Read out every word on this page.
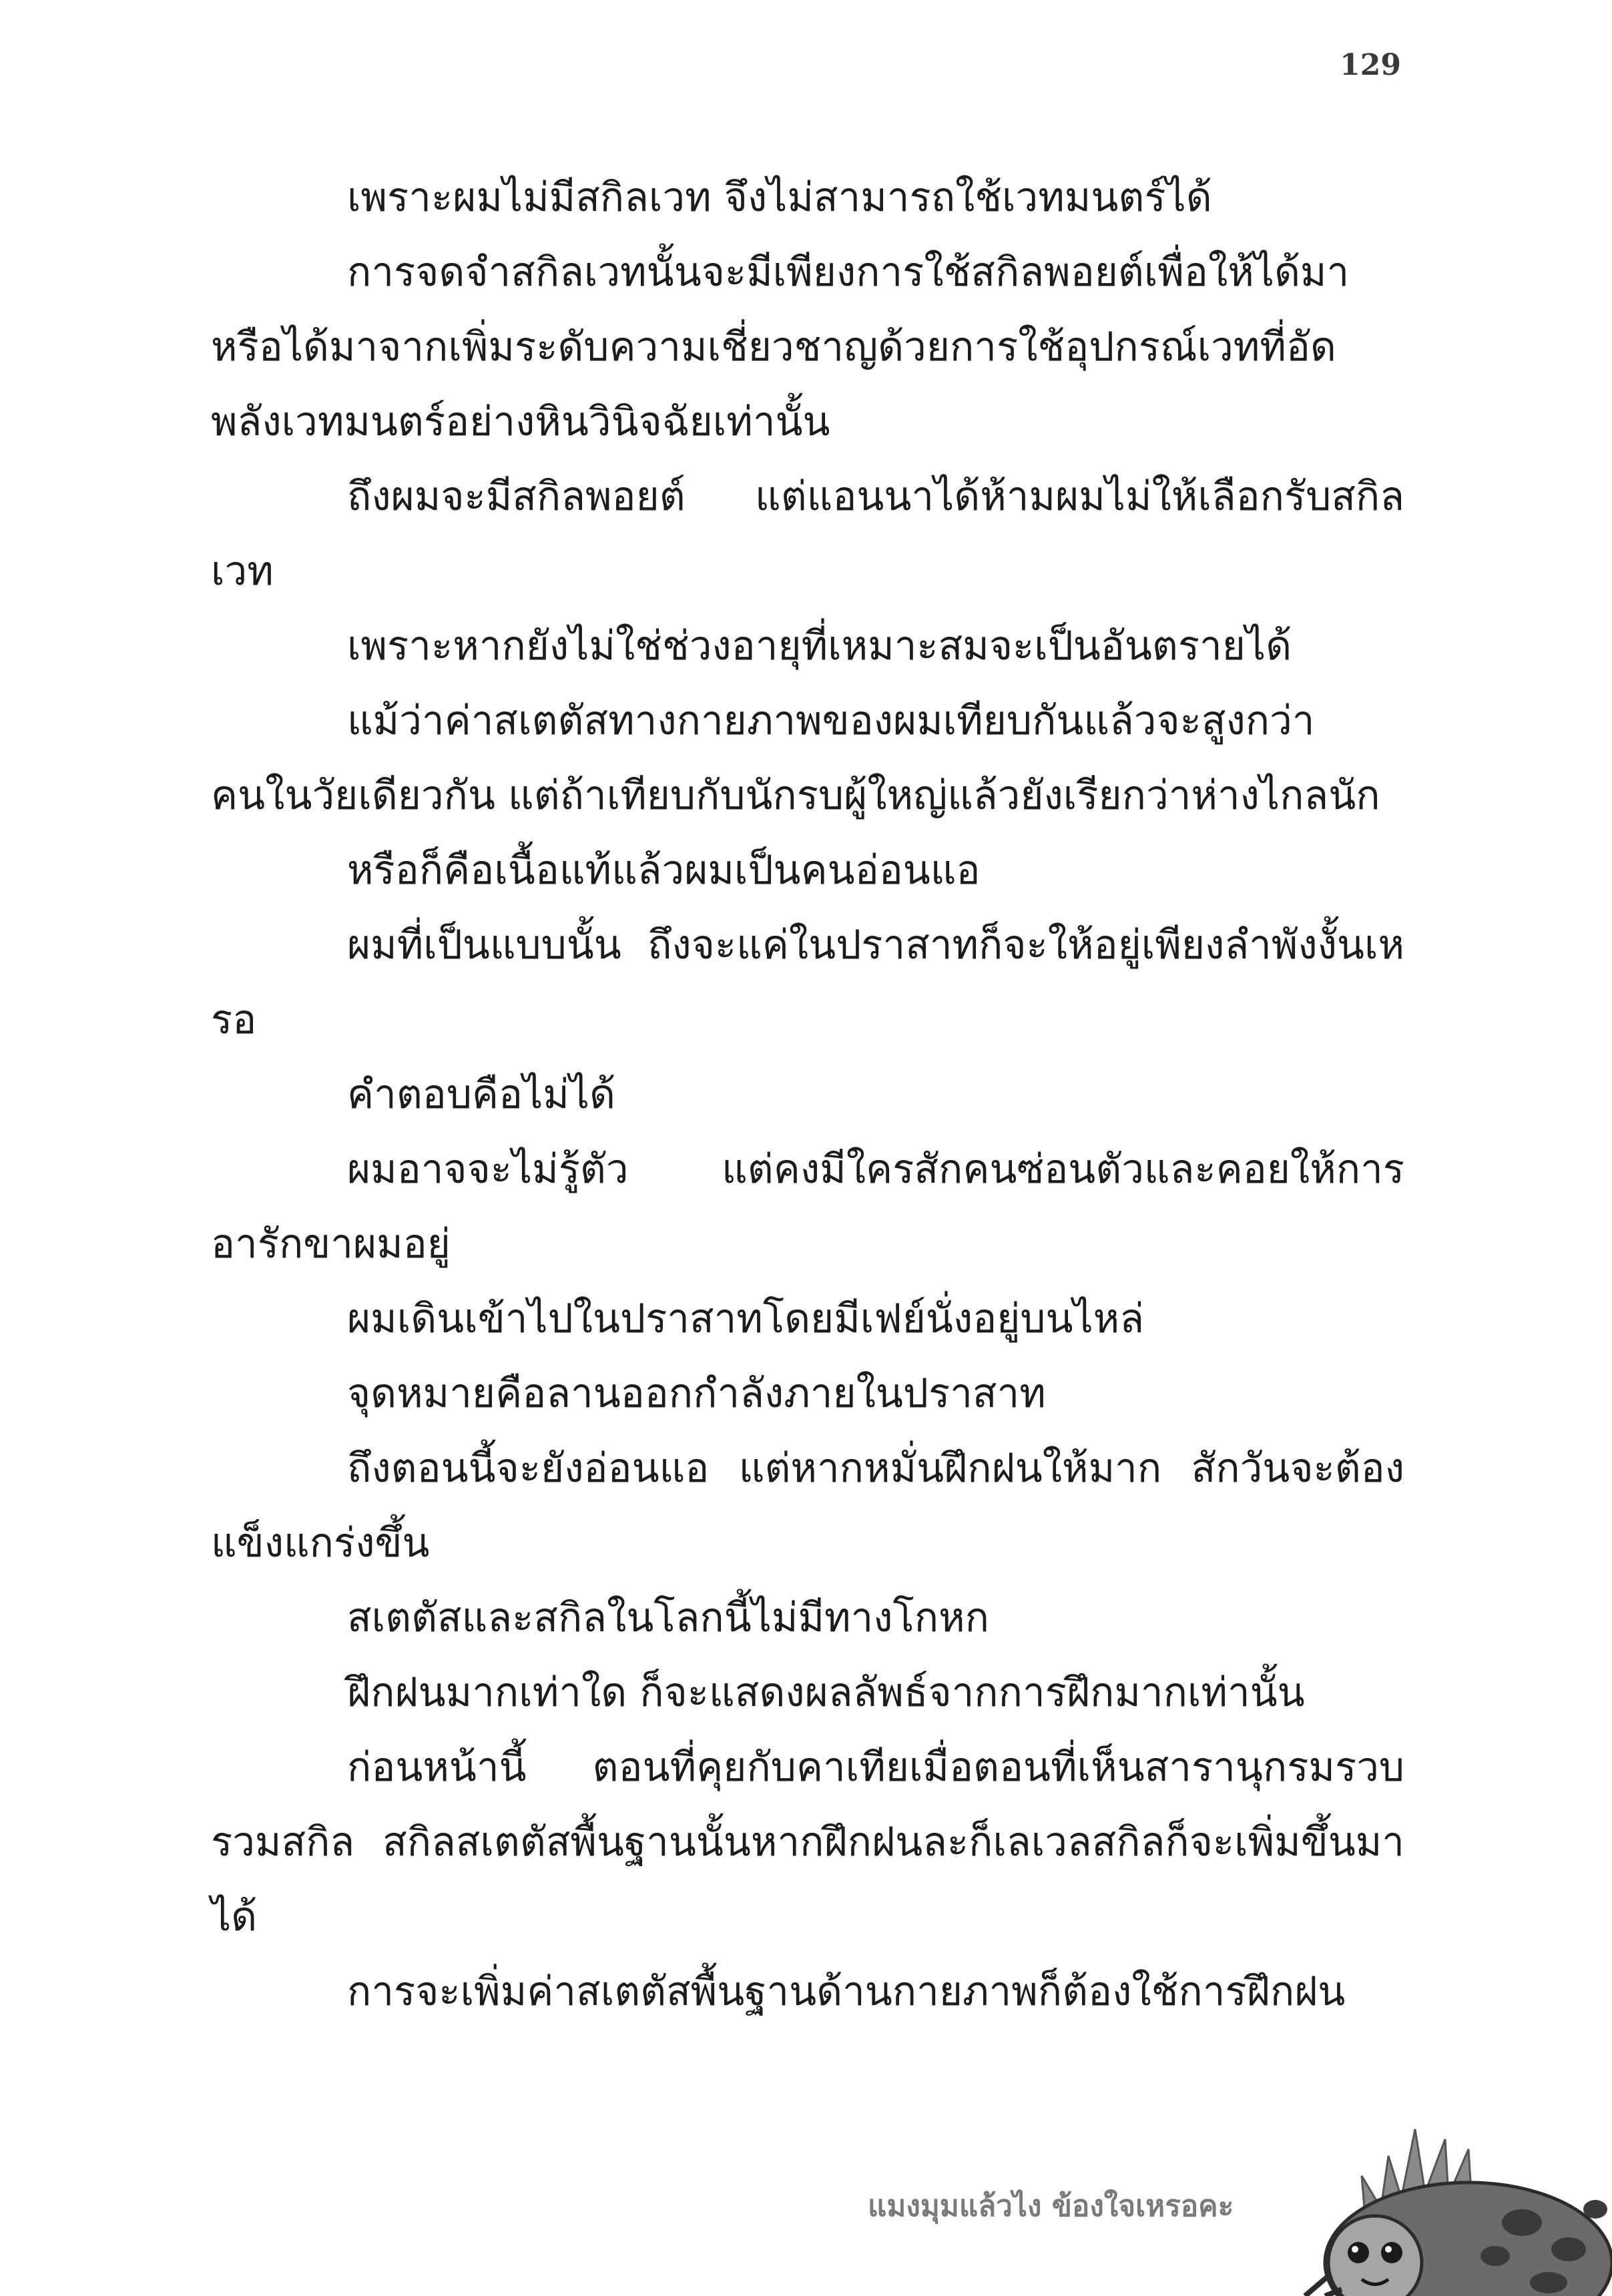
129

เพราะผมไม่มีสกิลเวท จึงไม่สามารถใช้เวทมนตร์ได้

การจดจำสกิลเวทนั้นจะมีเพียงการใช้สกิลพอยต์เพื่อให้ได้มาหรือได้มาจากเพิ่มระดับความเชี่ยวชาญด้วยการใช้อุปกรณ์เวทที่อัดพลังเวทมนตร์อย่างหินวินิจฉัยเท่านั้น

ถึงผมจะมีสกิลพอยต์ แต่แอนนาได้ห้ามผมไม่ให้เลือกรับสกิลเวท

เพราะหากยังไม่ใช่ช่วงอายุที่เหมาะสมจะเป็นอันตรายได้

แม้ว่าค่าสเตตัสทางกายภาพของผมเทียบกันแล้วจะสูงกว่าคนในวัยเดียวกัน แต่ถ้าเทียบกับนักรบผู้ใหญ่แล้วยังเรียกว่าห่างไกลนัก

หรือก็คือเนื้อแท้แล้วผมเป็นคนอ่อนแอ

ผมที่เป็นแบบนั้น ถึงจะแค่ในปราสาทก็จะให้อยู่เพียงลำพังงั้นเหรอ

คำตอบคือไม่ได้

ผมอาจจะไม่รู้ตัว แต่คงมีใครสักคนซ่อนตัวและคอยให้การอารักขาผมอยู่

ผมเดินเข้าไปในปราสาทโดยมีเฟย์นั่งอยู่บนไหล่

จุดหมายคือลานออกกำลังภายในปราสาท

ถึงตอนนี้จะยังอ่อนแอ แต่หากหมั่นฝึกฝนให้มาก สักวันจะต้องแข็งแกร่งขึ้น

สเตตัสและสกิลในโลกนี้ไม่มีทางโกหก

ฝึกฝนมากเท่าใด ก็จะแสดงผลลัพธ์จากการฝึกมากเท่านั้น

ก่อนหน้านี้ ตอนที่คุยกับคาเทียเมื่อตอนที่เห็นสารานุกรมรวบรวมสกิล สกิลสเตตัสพื้นฐานนั้นหากฝึกฝนละก็เลเวลสกิลก็จะเพิ่มขึ้นมาได้

การจะเพิ่มค่าสเตตัสพื้นฐานด้านกายภาพก็ต้องใช้การฝึกฝน

แมงมุมแล้วไง ข้องใจเหรอคะ
